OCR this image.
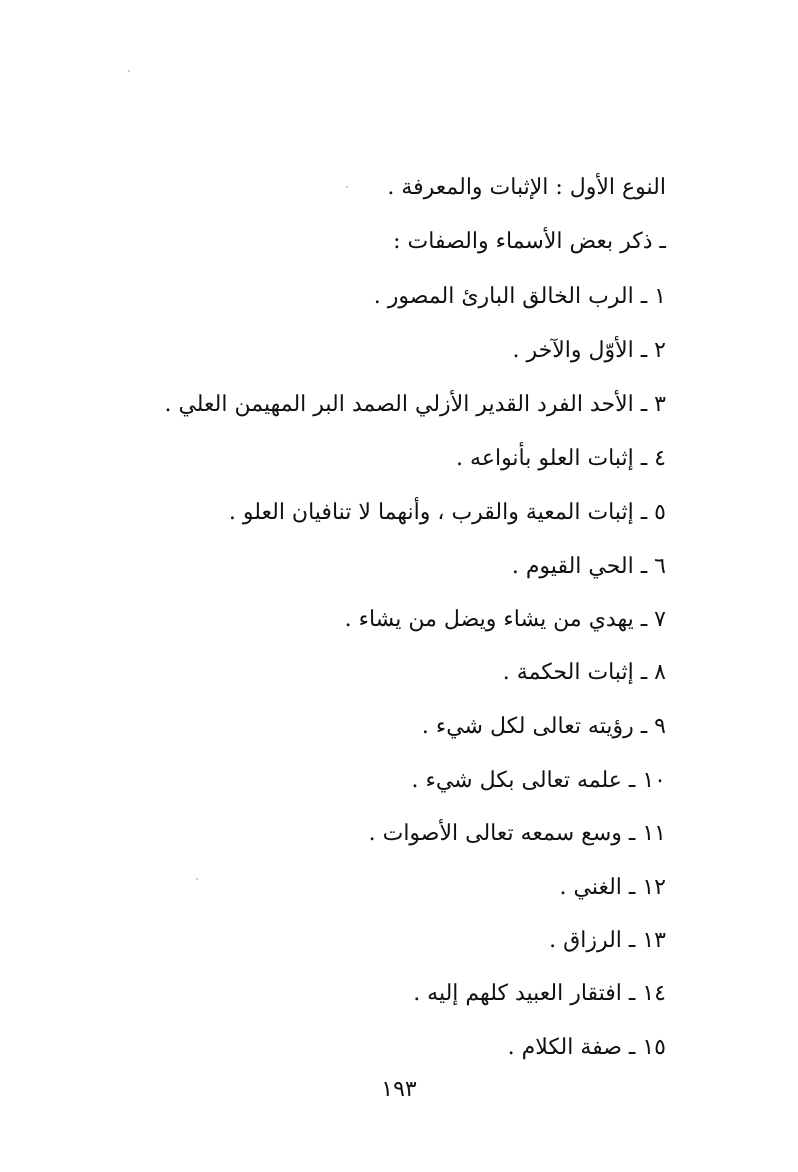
النوع الأول : الإثبات والمعرفة .
ـ ذكر بعض الأسماء والصفات :
١ ـ الرب الخالق البارئ المصور .
٢ ـ الأوّل والآخر .
٣ ـ الأحد الفرد القدير الأزلي الصمد البر المهيمن العلي .
٤ ـ إثبات العلو بأنواعه .
٥ ـ إثبات المعية والقرب ، وأنهما لا تنافيان العلو .
٦ ـ الحي القيوم .
٧ ـ يهدي من يشاء ويضل من يشاء .
٨ ـ إثبات الحكمة .
٩ ـ رؤيته تعالى لكل شيء .
١٠ ـ علمه تعالى بكل شيء .
١١ ـ وسع سمعه تعالى الأصوات .
١٢ ـ الغني .
١٣ ـ الرزاق .
١٤ ـ افتقار العبيد كلهم إليه .
١٥ ـ صفة الكلام .
١٩٣
